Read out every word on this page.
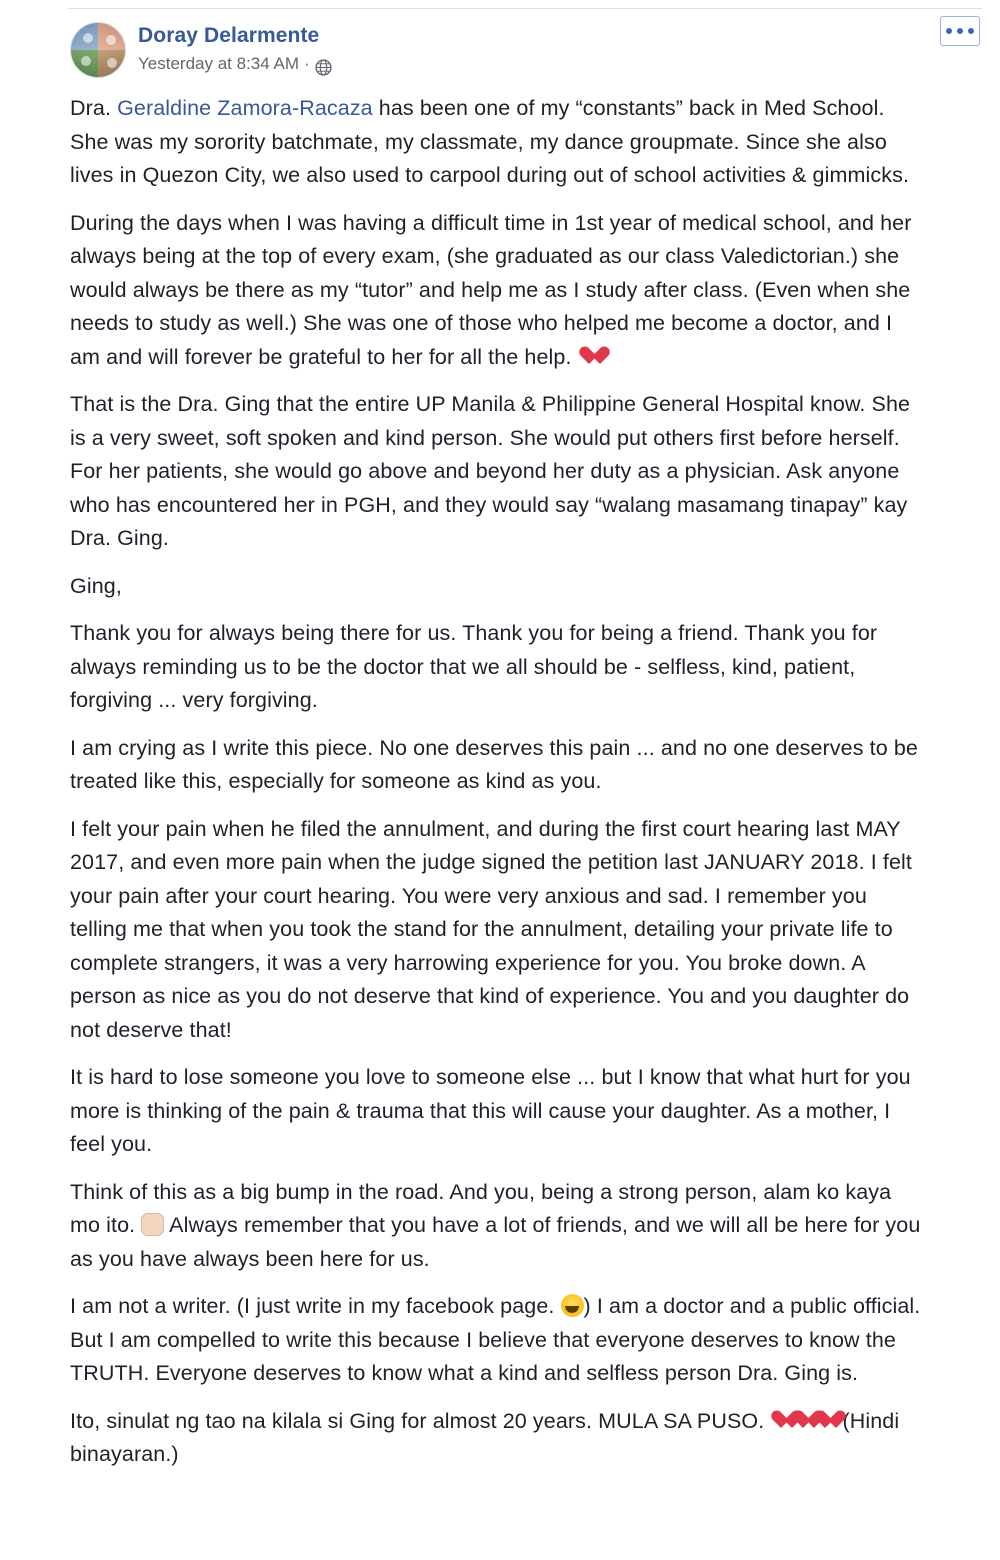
Doray Delarmente
Yesterday at 8:34 AM ·

Dra. Geraldine Zamora-Racaza has been one of my “constants” back in Med School. She was my sorority batchmate, my classmate, my dance groupmate. Since she also lives in Quezon City, we also used to carpool during out of school activities & gimmicks.

During the days when I was having a difficult time in 1st year of medical school, and her always being at the top of every exam, (she graduated as our class Valedictorian.) she would always be there as my “tutor” and help me as I study after class. (Even when she needs to study as well.) She was one of those who helped me become a doctor, and I am and will forever be grateful to her for all the help.

That is the Dra. Ging that the entire UP Manila & Philippine General Hospital know. She is a very sweet, soft spoken and kind person. She would put others first before herself. For her patients, she would go above and beyond her duty as a physician. Ask anyone who has encountered her in PGH, and they would say “walang masamang tinapay” kay Dra. Ging.

Ging,

Thank you for always being there for us. Thank you for being a friend. Thank you for always reminding us to be the doctor that we all should be - selfless, kind, patient, forgiving ... very forgiving.

I am crying as I write this piece. No one deserves this pain ... and no one deserves to be treated like this, especially for someone as kind as you.

I felt your pain when he filed the annulment, and during the first court hearing last MAY 2017, and even more pain when the judge signed the petition last JANUARY 2018. I felt your pain after your court hearing. You were very anxious and sad. I remember you telling me that when you took the stand for the annulment, detailing your private life to complete strangers, it was a very harrowing experience for you. You broke down. A person as nice as you do not deserve that kind of experience. You and you daughter do not deserve that!

It is hard to lose someone you love to someone else ... but I know that what hurt for you more is thinking of the pain & trauma that this will cause your daughter. As a mother, I feel you.

Think of this as a big bump in the road. And you, being a strong person, alam ko kaya mo ito.  Always remember that you have a lot of friends, and we will all be here for you as you have always been here for us.

I am not a writer. (I just write in my facebook page. ) I am a doctor and a public official. But I am compelled to write this because I believe that everyone deserves to know the TRUTH. Everyone deserves to know what a kind and selfless person Dra. Ging is.

Ito, sinulat ng tao na kilala si Ging for almost 20 years. MULA SA PUSO.	(Hindi binayaran.)
